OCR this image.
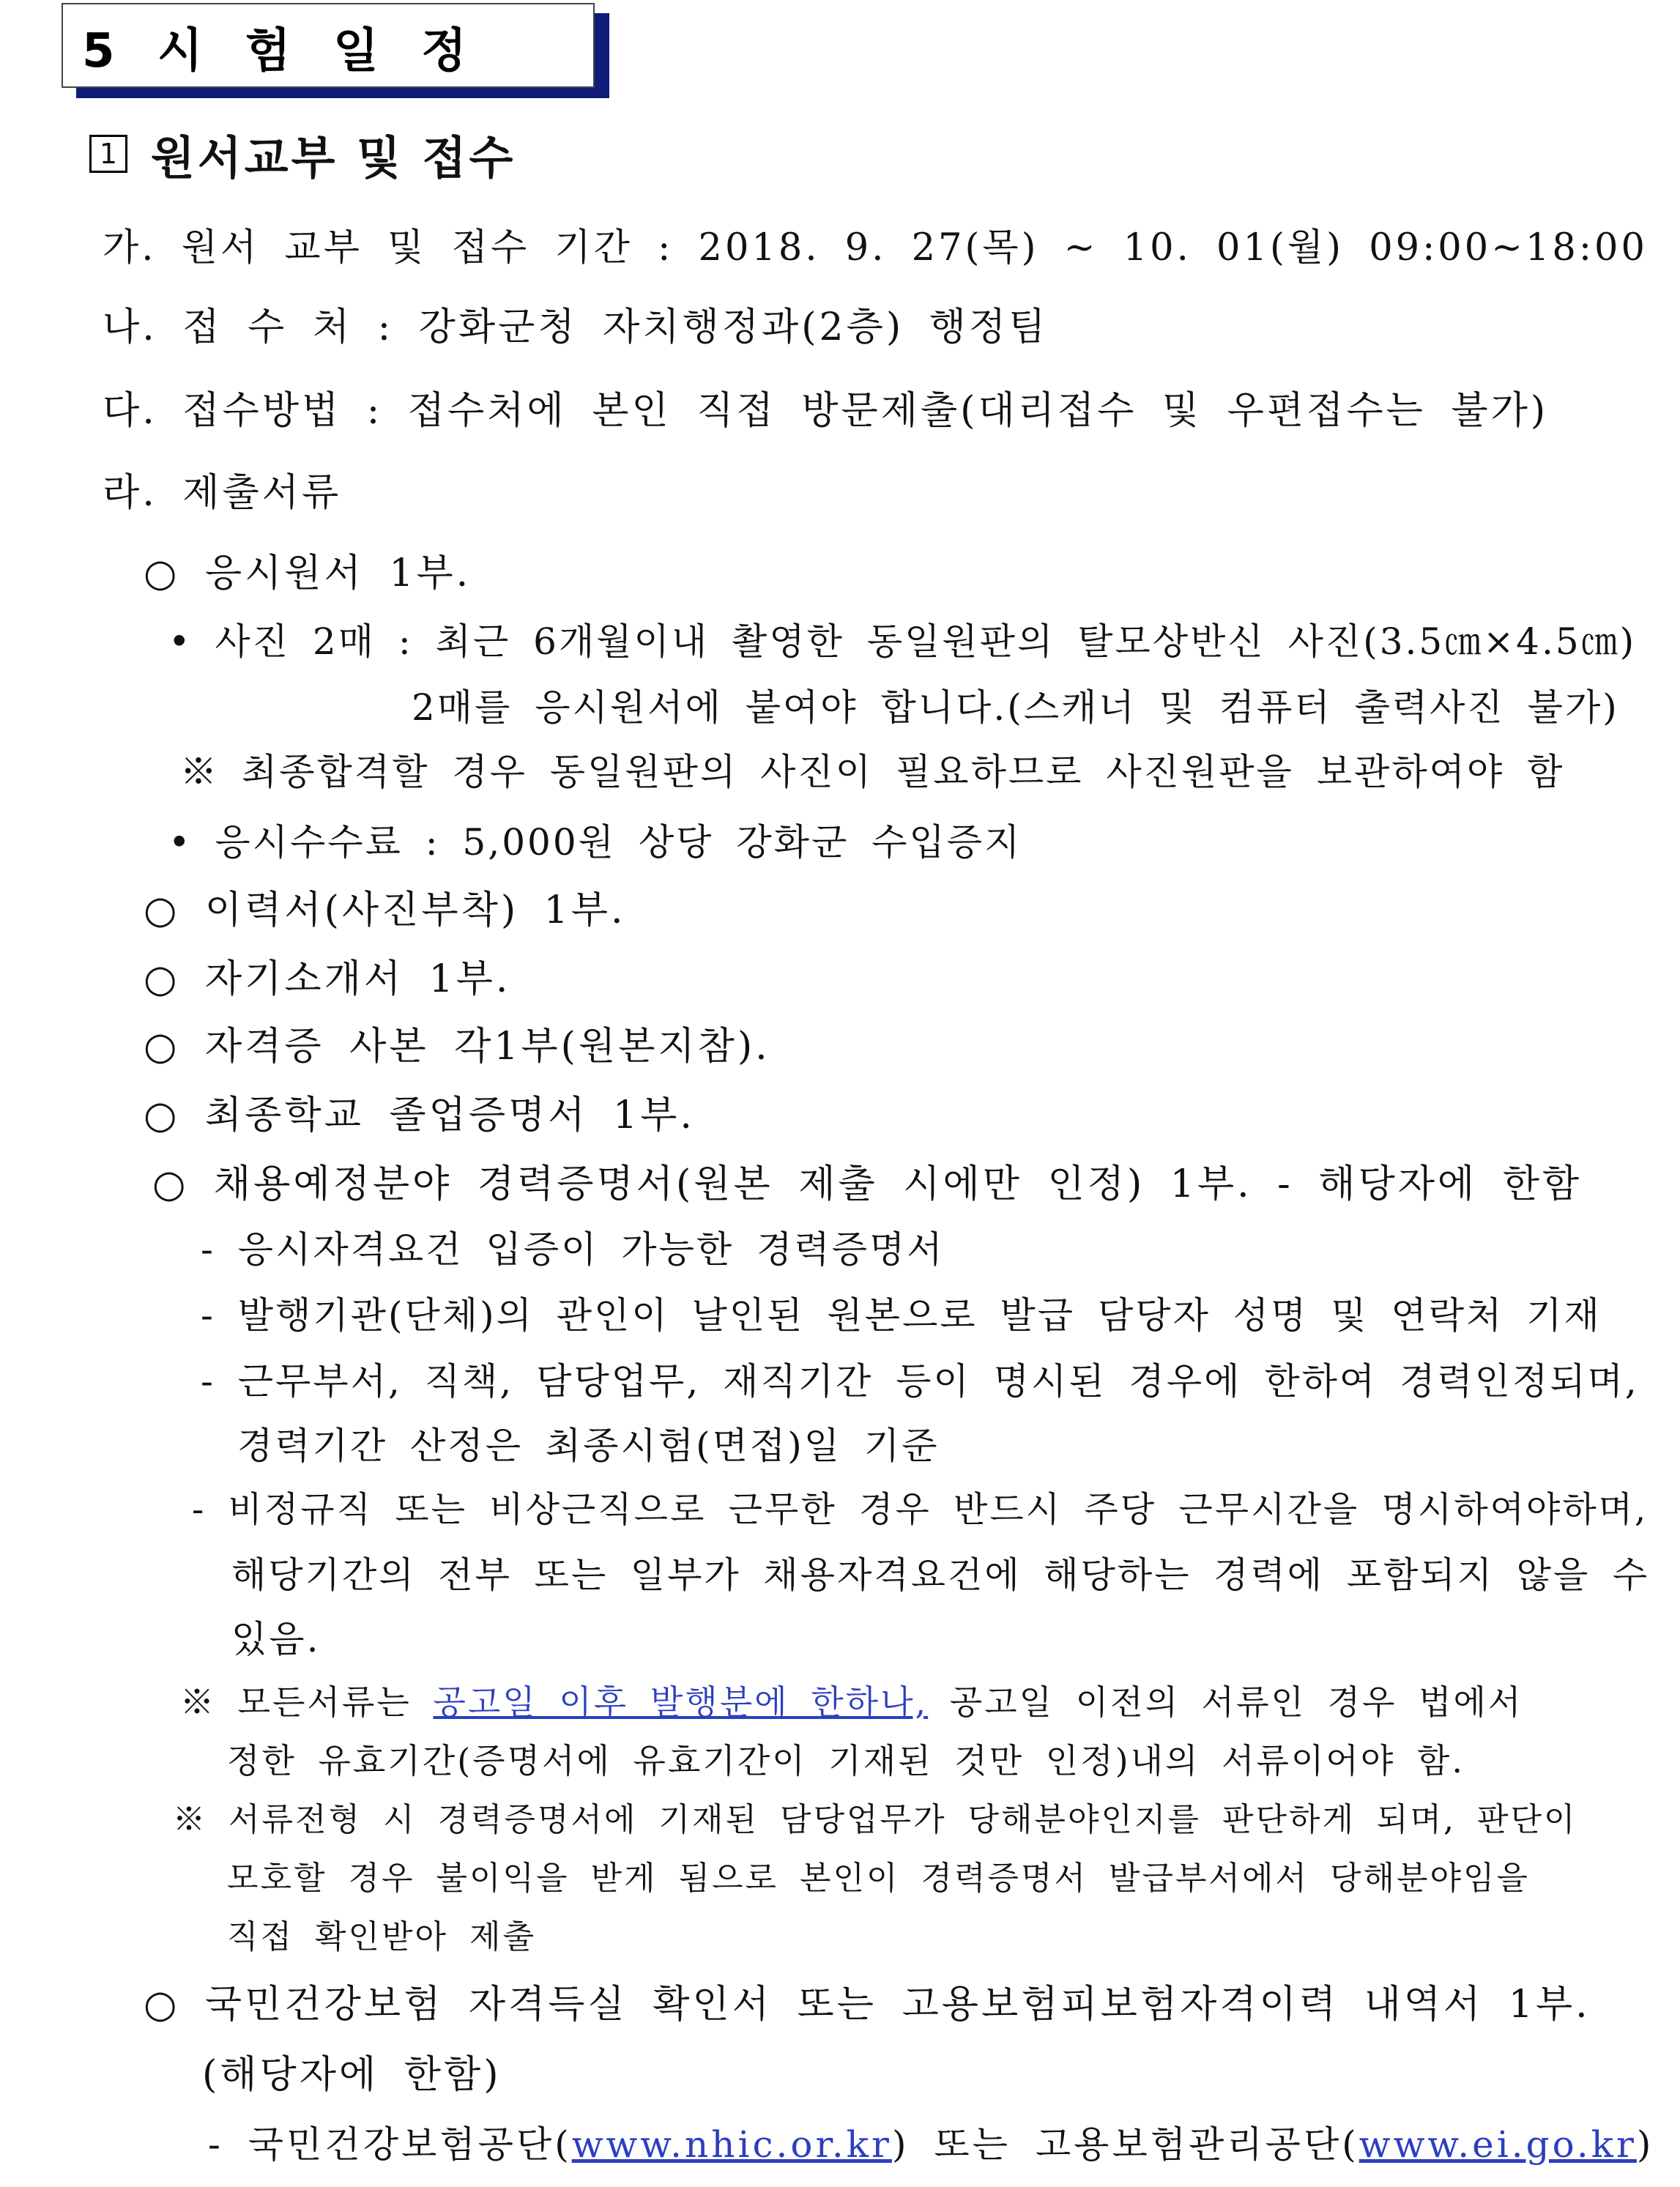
5 시 험 일 정
1 원서교부 및 접수
가. 원서 교부 및 접수 기간 : 2018. 9. 27(목) ~ 10. 01(월) 09:00~18:00
나. 접 수 처 : 강화군청 자치행정과(2층) 행정팀
다. 접수방법 : 접수처에 본인 직접 방문제출(대리접수 및 우편접수는 불가)
라. 제출서류
○ 응시원서 1부.
• 사진 2매 : 최근 6개월이내 촬영한 동일원판의 탈모상반신 사진(3.5㎝×4.5㎝)
2매를 응시원서에 붙여야 합니다.(스캐너 및 컴퓨터 출력사진 불가)
※ 최종합격할 경우 동일원판의 사진이 필요하므로 사진원판을 보관하여야 함
• 응시수수료 : 5,000원 상당 강화군 수입증지
○ 이력서(사진부착) 1부.
○ 자기소개서 1부.
○ 자격증 사본 각1부(원본지참).
○ 최종학교 졸업증명서 1부.
○ 채용예정분야 경력증명서(원본 제출 시에만 인정) 1부. - 해당자에 한함
- 응시자격요건 입증이 가능한 경력증명서
- 발행기관(단체)의 관인이 날인된 원본으로 발급 담당자 성명 및 연락처 기재
- 근무부서, 직책, 담당업무, 재직기간 등이 명시된 경우에 한하여 경력인정되며,
경력기간 산정은 최종시험(면접)일 기준
- 비정규직 또는 비상근직으로 근무한 경우 반드시 주당 근무시간을 명시하여야하며,
해당기간의 전부 또는 일부가 채용자격요건에 해당하는 경력에 포함되지 않을 수
있음.
※ 모든서류는 공고일 이후 발행분에 한하나, 공고일 이전의 서류인 경우 법에서
정한 유효기간(증명서에 유효기간이 기재된 것만 인정)내의 서류이어야 함.
※ 서류전형 시 경력증명서에 기재된 담당업무가 당해분야인지를 판단하게 되며, 판단이
모호할 경우 불이익을 받게 됨으로 본인이 경력증명서 발급부서에서 당해분야임을
직접 확인받아 제출
○ 국민건강보험 자격득실 확인서 또는 고용보험피보험자격이력 내역서 1부.
(해당자에 한함)
- 국민건강보험공단(www.nhic.or.kr) 또는 고용보험관리공단(www.ei.go.kr)
